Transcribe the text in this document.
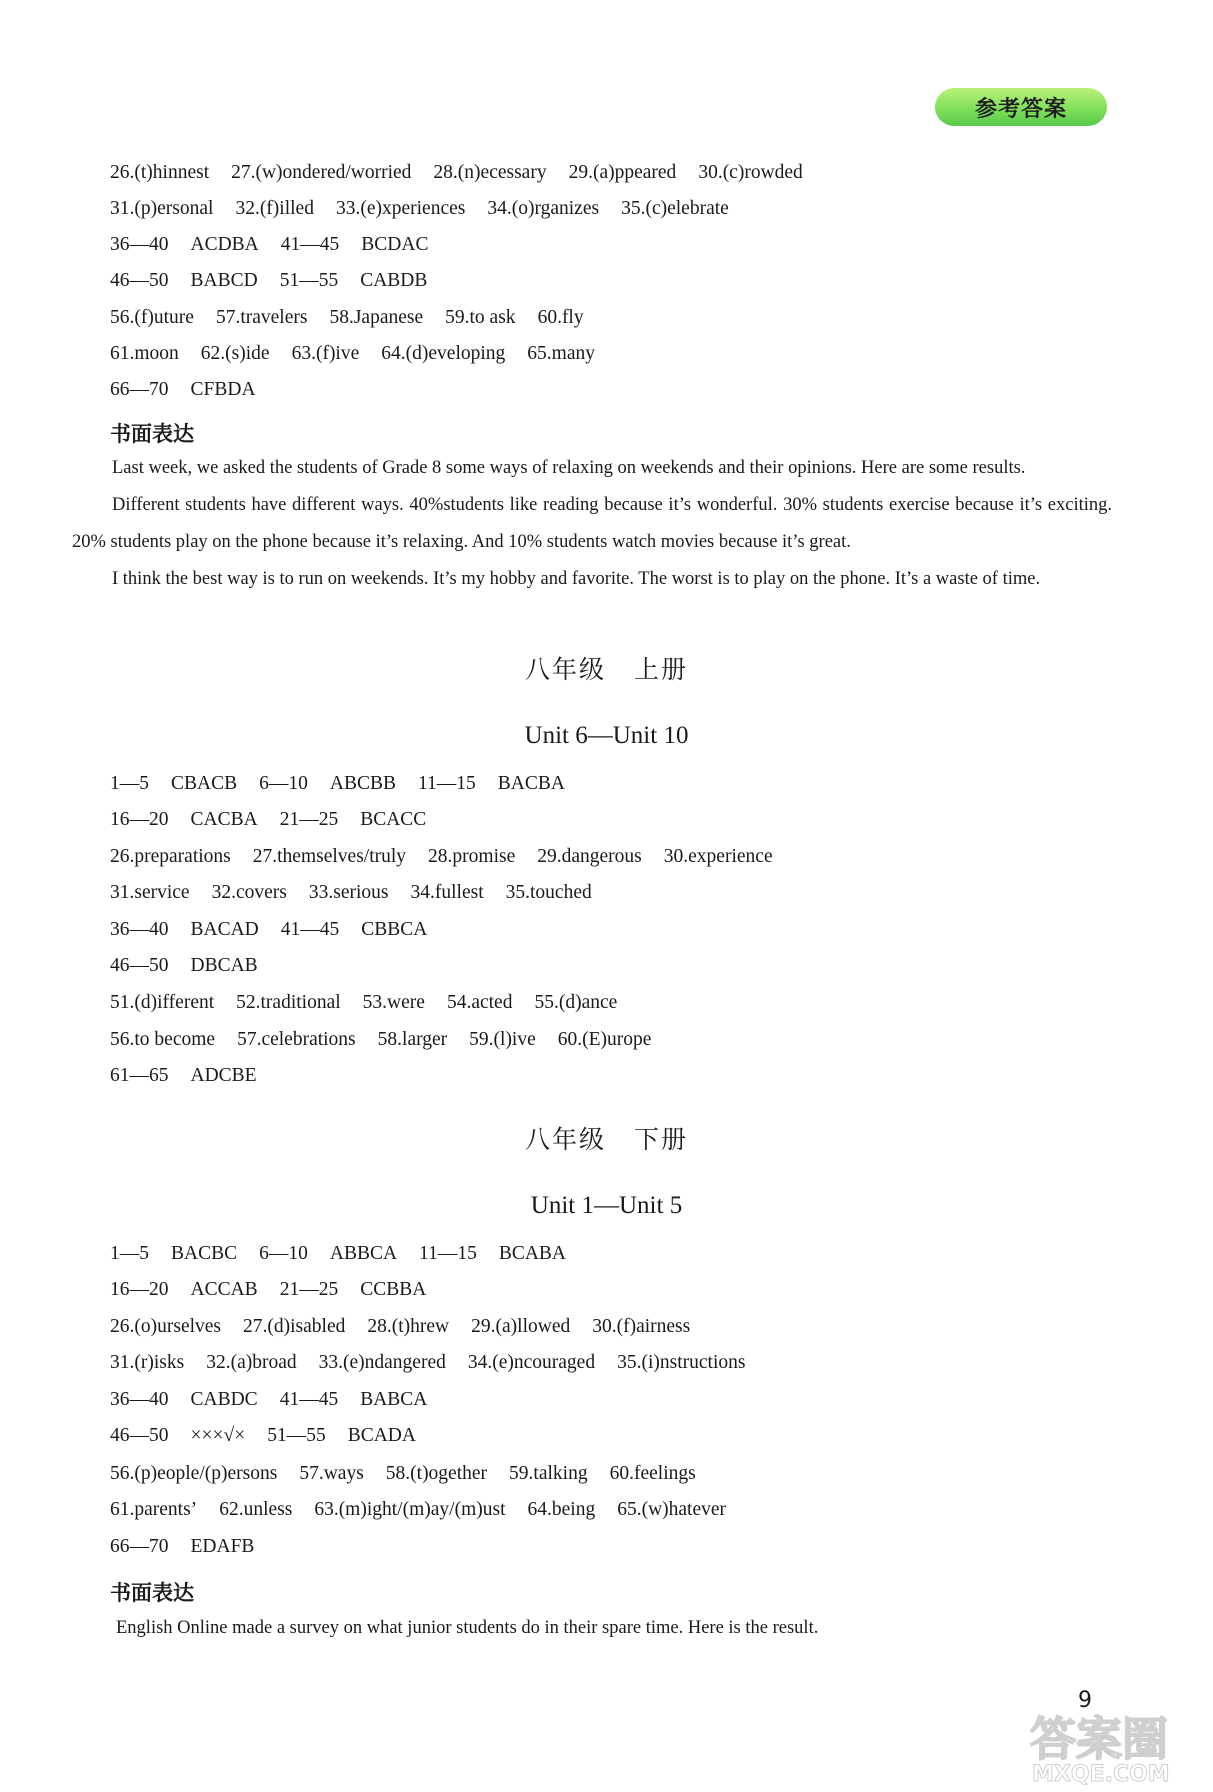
参考答案
26.(t)hinnest 27.(w)ondered/worried 28.(n)ecessary 29.(a)ppeared 30.(c)rowded
31.(p)ersonal 32.(f)illed 33.(e)xperiences 34.(o)rganizes 35.(c)elebrate
36—40 ACDBA 41—45 BCDAC
46—50 BABCD 51—55 CABDB
56.(f)uture 57.travelers 58.Japanese 59.to ask 60.fly
61.moon 62.(s)ide 63.(f)ive 64.(d)eveloping 65.many
66—70 CFBDA
书面表达

Last week, we asked the students of Grade 8 some ways of relaxing on weekends and their opinions. Here are some results.

Different students have different ways. 40%students like reading because it’s wonderful. 30% students exercise because it’s exciting. 20% students play on the phone because it’s relaxing. And 10% students watch movies because it’s great.

I think the best way is to run on weekends. It’s my hobby and favorite. The worst is to play on the phone. It’s a waste of time.

八年级 上册
Unit 6—Unit 10
1—5 CBACB 6—10 ABCBB 11—15 BACBA
16—20 CACBA 21—25 BCACC
26.preparations 27.themselves/truly 28.promise 29.dangerous 30.experience
31.service 32.covers 33.serious 34.fullest 35.touched
36—40 BACAD 41—45 CBBCA
46—50 DBCAB
51.(d)ifferent 52.traditional 53.were 54.acted 55.(d)ance
56.to become 57.celebrations 58.larger 59.(l)ive 60.(E)urope
61—65 ADCBE
八年级 下册
Unit 1—Unit 5
1—5 BACBC 6—10 ABBCA 11—15 BCABA
16—20 ACCAB 21—25 CCBBA
26.(o)urselves 27.(d)isabled 28.(t)hrew 29.(a)llowed 30.(f)airness
31.(r)isks 32.(a)broad 33.(e)ndangered 34.(e)ncouraged 35.(i)nstructions
36—40 CABDC 41—45 BABCA
46—50 ×××√× 51—55 BCADA
56.(p)eople/(p)ersons 57.ways 58.(t)ogether 59.talking 60.feelings
61.parents’ 62.unless 63.(m)ight/(m)ay/(m)ust 64.being 65.(w)hatever
66—70 EDAFB
书面表达

English Online made a survey on what junior students do in their spare time. Here is the result.

9
答案圈
MXQE.COM
